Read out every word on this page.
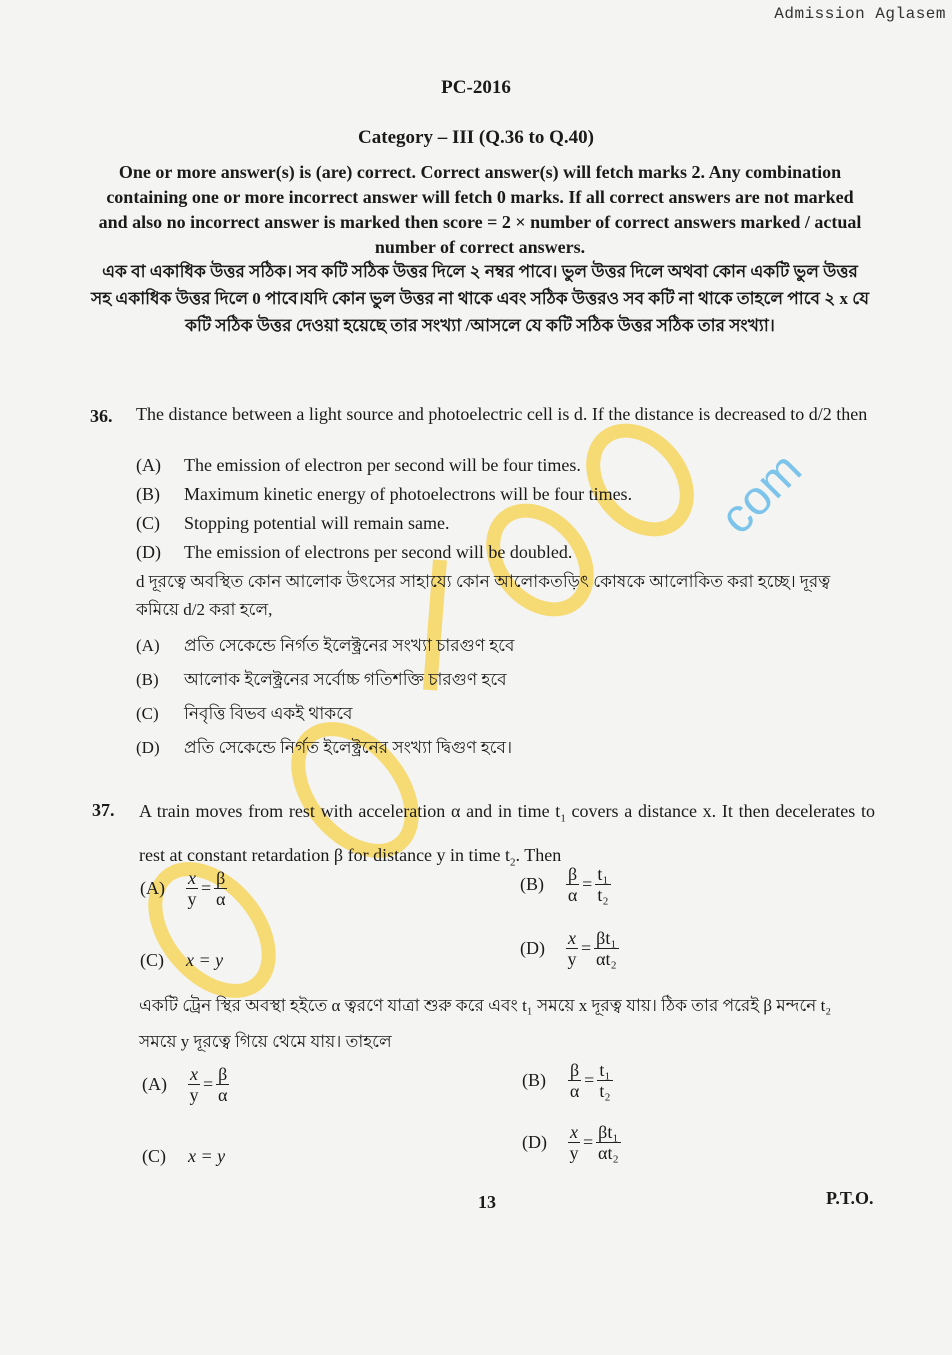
com
Admission Aglasem
PC-2016
Category – III (Q.36 to Q.40)
One or more answer(s) is (are) correct. Correct answer(s) will fetch marks 2. Any combination containing one or more incorrect answer will fetch 0 marks. If all correct answers are not marked and also no incorrect answer is marked then score = 2 × number of correct answers marked / actual number of correct answers.
এক বা একাধিক উত্তর সঠিক। সব কটি সঠিক উত্তর দিলে ২ নম্বর পাবে। ভুল উত্তর দিলে অথবা কোন একটি ভুল উত্তর সহ একাধিক উত্তর দিলে 0 পাবে।যদি কোন ভুল উত্তর না থাকে এবং সঠিক উত্তরও সব কটি না থাকে তাহলে পাবে ২ x যে কটি সঠিক উত্তর দেওয়া হয়েছে তার সংখ্যা /আসলে যে কটি সঠিক উত্তর সঠিক তার সংখ্যা।
36. The distance between a light source and photoelectric cell is d. If the distance is decreased to d/2 then
(A) The emission of electron per second will be four times.
(B) Maximum kinetic energy of photoelectrons will be four times.
(C) Stopping potential will remain same.
(D) The emission of electrons per second will be doubled.
d দূরত্বে অবস্থিত কোন আলোক উৎসের সাহায্যে কোন আলোকতড়িৎ কোষকে আলোকিত করা হচ্ছে। দূরত্ব কমিয়ে d/2 করা হলে,
(A) প্রতি সেকেন্ডে নির্গত ইলেক্ট্রনের সংখ্যা চারগুণ হবে
(B) আলোক ইলেক্ট্রনের সর্বোচ্চ গতিশক্তি চারগুণ হবে
(C) নিবৃত্তি বিভব একই থাকবে
(D) প্রতি সেকেন্ডে নির্গত ইলেক্ট্রনের সংখ্যা দ্বিগুণ হবে।
37. A train moves from rest with acceleration α and in time $t_1$ covers a distance x. It then decelerates to rest at constant retardation β for distance y in time $t_2$. Then
(A)	$\frac{x}{y} = \frac{\beta}{\alpha}$	(B)	$\frac{\beta}{\alpha} = \frac{\text{t₁}}{\text{t₂}}$
(C)	x = y
(D)	$\frac{x}{y} = \frac{\text{βt₁}}{\text{αt₂}}$
একটি ট্রেন স্থির অবস্থা হইতে α ত্বরণে যাত্রা শুরু করে এবং t₁ সময়ে x দূরত্ব যায়। ঠিক তার পরেই β মন্দনে t₂
সময়ে y দূরত্বে গিয়ে থেমে যায়। তাহলে
(A)	$\frac{x}{y} = \frac{\beta}{\alpha}$	(B)	$\frac{\beta}{\alpha} = \frac{\text{t₁}}{\text{t₂}}$
(C)	x = y
(D)	$\frac{x}{y} = \frac{\text{βt₁}}{\text{αt₂}}$
13	P.T.O.
